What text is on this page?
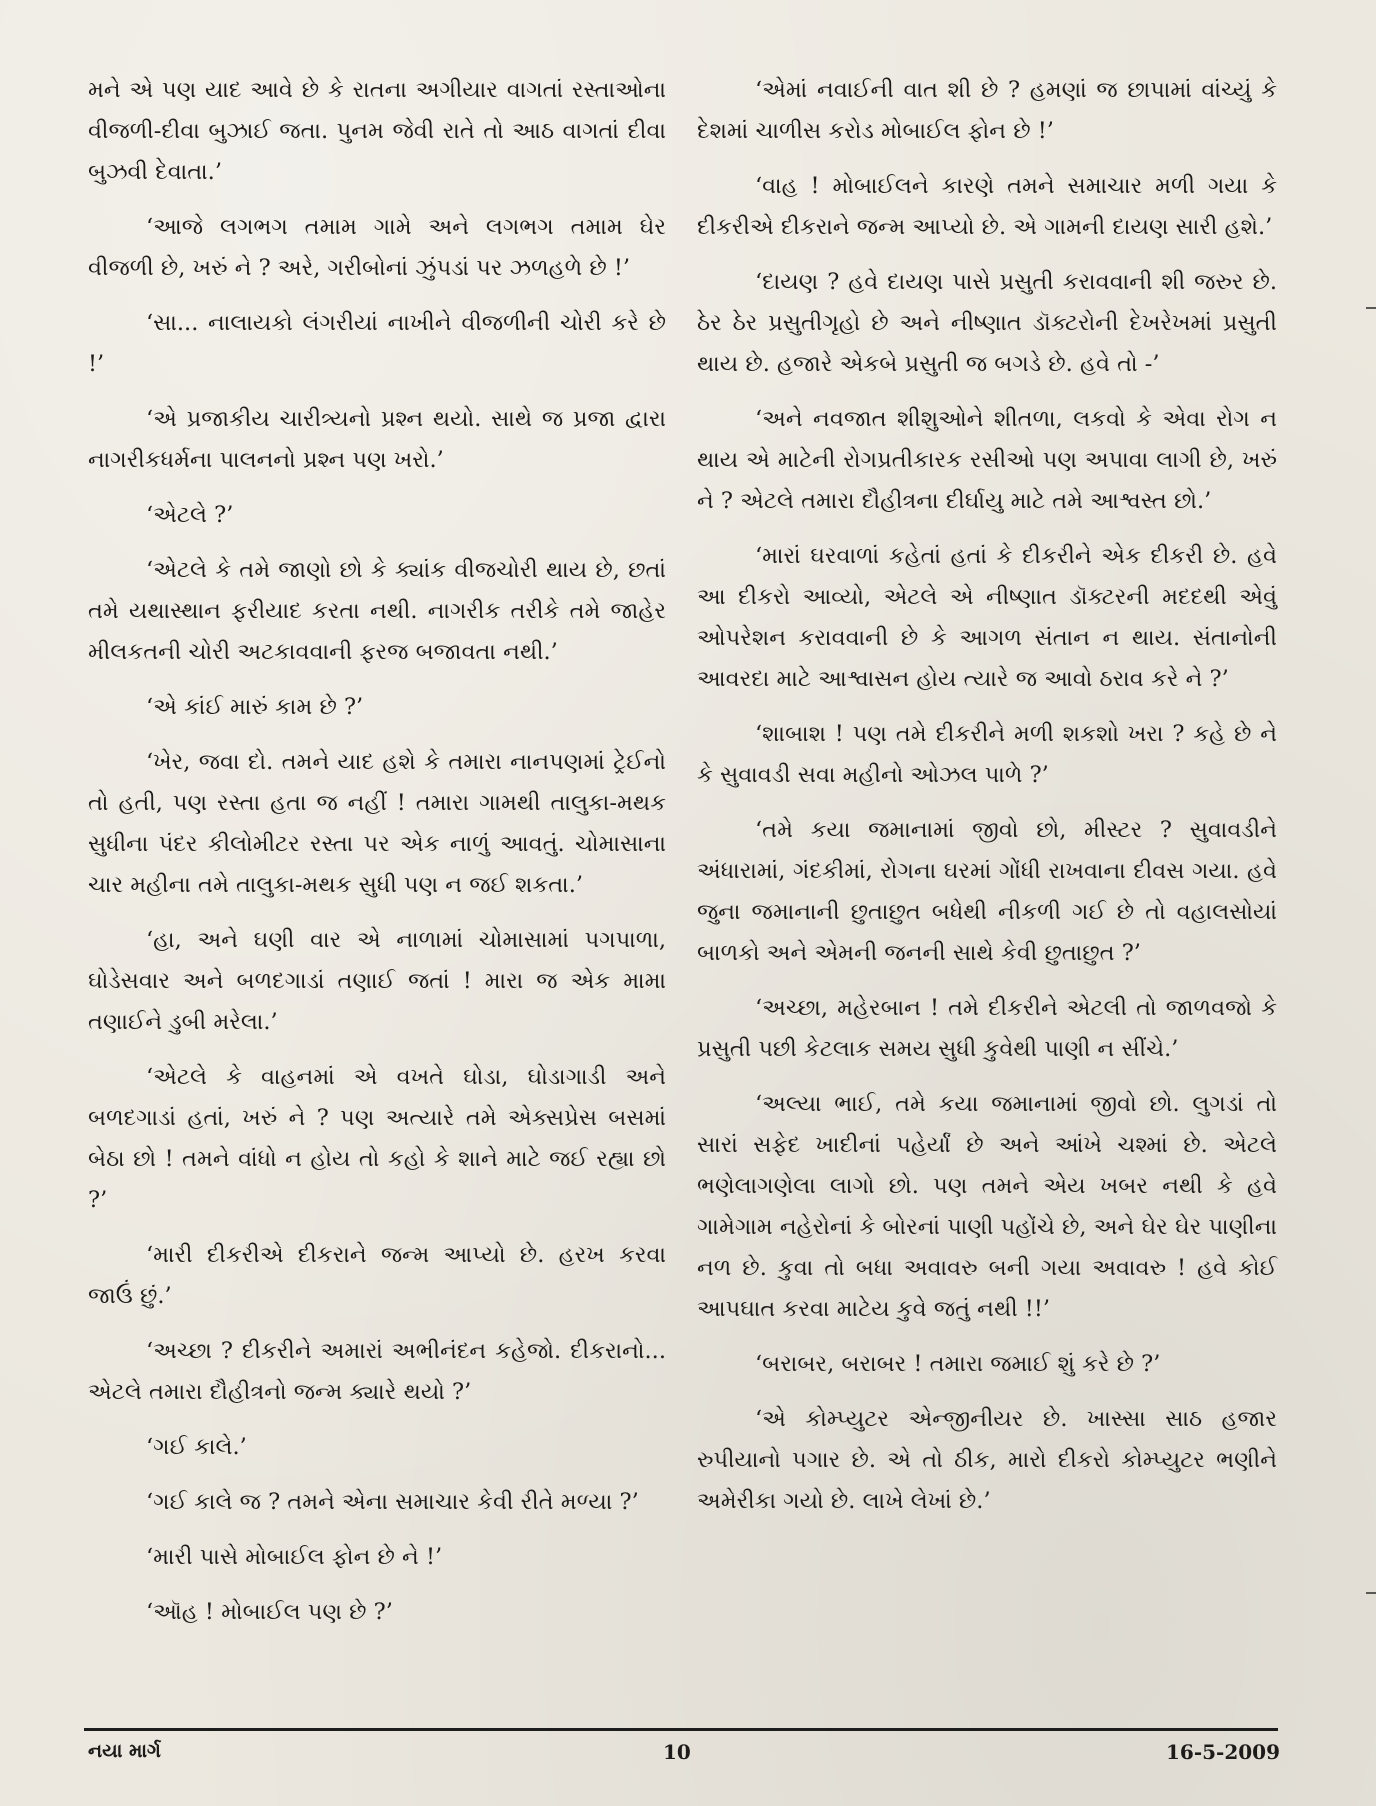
મને એ પણ યાદ આવે છે કે રાતના અગીયાર વાગતાં રસ્તાઓના વીજળી-દીવા બુઝાઈ જતા. પુનમ જેવી રાતે તો આઠ વાગતાં દીવા બુઝવી દેવાતા.’

‘આજે લગભગ તમામ ગામે અને લગભગ તમામ ઘેર વીજળી છે, ખરું ને ? અરે, ગરીબોનાં ઝુંપડાં પર ઝળહળે છે !’

‘સા... નાલાયકો લંગરીયાં નાખીને વીજળીની ચોરી કરે છે !’

‘એ પ્રજાકીય ચારીત્ર્યનો પ્રશ્ન થયો. સાથે જ પ્રજા દ્વારા નાગરીકધર્મના પાલનનો પ્રશ્ન પણ ખરો.’

‘એટલે ?’

‘એટલે કે તમે જાણો છો કે ક્યાંક વીજચોરી થાય છે, છતાં તમે યથાસ્થાન ફરીયાદ કરતા નથી. નાગરીક તરીકે તમે જાહેર મીલકતની ચોરી અટકાવવાની ફરજ બજાવતા નથી.’

‘એ કાંઈ મારું કામ છે ?’

‘ખેર, જવા દો. તમને યાદ હશે કે તમારા નાનપણમાં ટ્રેઈનો તો હતી, પણ રસ્તા હતા જ નહીં ! તમારા ગામથી તાલુકા-મથક સુધીના પંદર કીલોમીટર રસ્તા પર એક નાળું આવતું. ચોમાસાના ચાર મહીના તમે તાલુકા-મથક સુધી પણ ન જઈ શકતા.’

‘હા, અને ઘણી વાર એ નાળામાં ચોમાસામાં પગપાળા, ઘોડેસવાર અને બળદગાડાં તણાઈ જતાં ! મારા જ એક મામા તણાઈને ડુબી મરેલા.’

‘એટલે કે વાહનમાં એ વખતે ઘોડા, ઘોડાગાડી અને બળદગાડાં હતાં, ખરું ને ? પણ અત્યારે તમે એક્સપ્રેસ બસમાં બેઠા છો ! તમને વાંધો ન હોય તો કહો કે શાને માટે જઈ રહ્યા છો ?’

‘મારી દીકરીએ દીકરાને જન્મ આપ્યો છે. હરખ કરવા જાઉં છું.’

‘અચ્છા ? દીકરીને અમારાં અભીનંદન કહેજો. દીકરાનો... એટલે તમારા દૌહીત્રનો જન્મ ક્યારે થયો ?’

‘ગઈ કાલે.’

‘ગઈ કાલે જ ? તમને એના સમાચાર કેવી રીતે મળ્યા ?’

‘મારી પાસે મોબાઈલ ફોન છે ને !’

‘ઑહ ! મોબાઈલ પણ છે ?’

‘એમાં નવાઈની વાત શી છે ? હમણાં જ છાપામાં વાંચ્યું કે દેશમાં ચાળીસ કરોડ મોબાઈલ ફોન છે !’

‘વાહ ! મોબાઈલને કારણે તમને સમાચાર મળી ગયા કે દીકરીએ દીકરાને જન્મ આપ્યો છે. એ ગામની દાયણ સારી હશે.’

‘દાયણ ? હવે દાયણ પાસે પ્રસુતી કરાવવાની શી જરુર છે. ઠેર ઠેર પ્રસુતીગૃહો છે અને નીષ્ણાત ડૉક્ટરોની દેખરેખમાં પ્રસુતી થાય છે. હજારે એકબે પ્રસુતી જ બગડે છે. હવે તો -’

‘અને નવજાત શીશુઓને શીતળા, લકવો કે એવા રોગ ન થાય એ માટેની રોગપ્રતીકારક રસીઓ પણ અપાવા લાગી છે, ખરું ને ? એટલે તમારા દૌહીત્રના દીર્ઘાયુ માટે તમે આશ્વસ્ત છો.’

‘મારાં ઘરવાળાં કહેતાં હતાં કે દીકરીને એક દીકરી છે. હવે આ દીકરો આવ્યો, એટલે એ નીષ્ણાત ડૉક્ટરની મદદથી એવું ઓપરેશન કરાવવાની છે કે આગળ સંતાન ન થાય. સંતાનોની આવરદા માટે આશ્વાસન હોય ત્યારે જ આવો ઠરાવ કરે ને ?’

‘શાબાશ ! પણ તમે દીકરીને મળી શકશો ખરા ? કહે છે ને કે સુવાવડી સવા મહીનો ઓઝલ પાળે ?’

‘તમે કયા જમાનામાં જીવો છો, મીસ્ટર ? સુવાવડીને અંધારામાં, ગંદકીમાં, રોગના ઘરમાં ગોંધી રાખવાના દીવસ ગયા. હવે જુના જમાનાની છુતાછુત બધેથી નીકળી ગઈ છે તો વહાલસોયાં બાળકો અને એમની જનની સાથે કેવી છુતાછુત ?’

‘અચ્છા, મહેરબાન ! તમે દીકરીને એટલી તો જાળવજો કે પ્રસુતી પછી કેટલાક સમય સુધી કુવેથી પાણી ન સીંચે.’

‘અલ્યા ભાઈ, તમે કયા જમાનામાં જીવો છો. લુગડાં તો સારાં સફેદ ખાદીનાં પહેર્યાં છે અને આંખે ચશ્માં છે. એટલે ભણેલાગણેલા લાગો છો. પણ તમને એય ખબર નથી કે હવે ગામેગામ નહેરોનાં કે બોરનાં પાણી પહોંચે છે, અને ઘેર ઘેર પાણીના નળ છે. કુવા તો બધા અવાવરુ બની ગયા અવાવરુ ! હવે કોઈ આપઘાત કરવા માટેય કુવે જતું નથી !!’

‘બરાબર, બરાબર ! તમારા જમાઈ શું કરે છે ?’

‘એ કોમ્પ્યુટર એન્જીનીયર છે. ખાસ્સા સાઠ હજાર રુપીયાનો પગાર છે. એ તો ઠીક, મારો દીકરો કોમ્પ્યુટર ભણીને અમેરીકા ગયો છે. લાખે લેખાં છે.’

નયા માર્ગ	10	16-5-2009
